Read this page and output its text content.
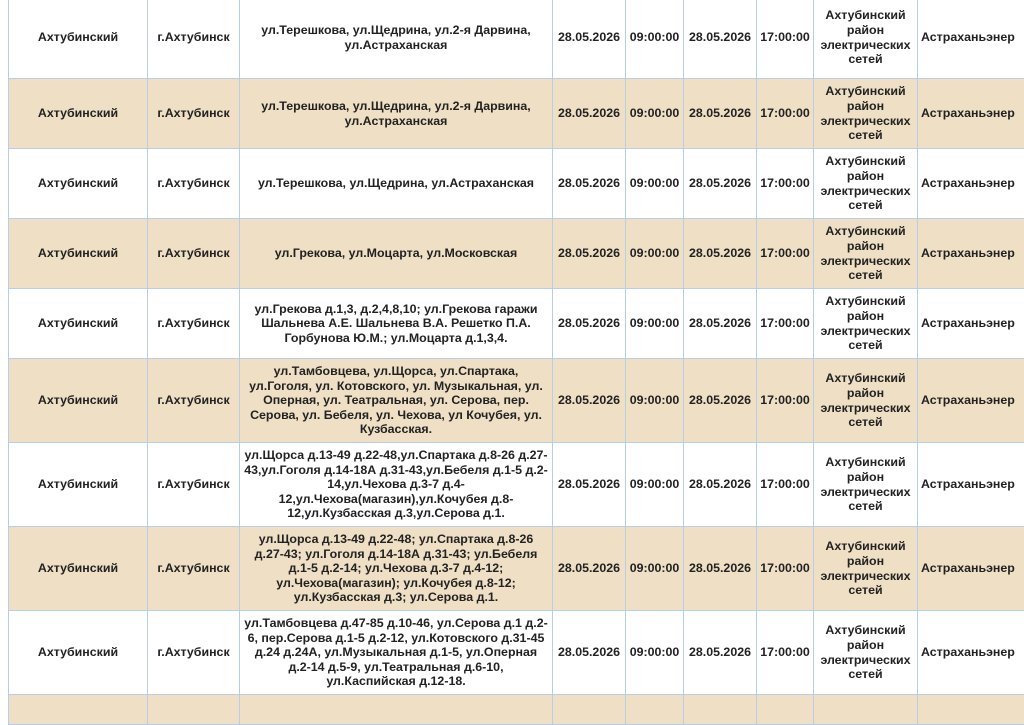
Ахтубинский	г.Ахтубинск	ул.Терешкова, ул.Щедрина, ул.2-я Дарвина, ул.Астраханская	28.05.2026	09:00:00	28.05.2026	17:00:00	Ахтубинский район электрических сетей	Астраханьэнер
Ахтубинский	г.Ахтубинск	ул.Терешкова, ул.Щедрина, ул.2-я Дарвина, ул.Астраханская	28.05.2026	09:00:00	28.05.2026	17:00:00	Ахтубинский район электрических сетей	Астраханьэнер
Ахтубинский	г.Ахтубинск	ул.Терешкова, ул.Щедрина, ул.Астраханская	28.05.2026	09:00:00	28.05.2026	17:00:00	Ахтубинский район электрических сетей	Астраханьэнер
Ахтубинский	г.Ахтубинск	ул.Грекова, ул.Моцарта, ул.Московская	28.05.2026	09:00:00	28.05.2026	17:00:00	Ахтубинский район электрических сетей	Астраханьэнер
Ахтубинский	г.Ахтубинск	ул.Грекова д.1,3, д.2,4,8,10; ул.Грекова гаражи Шальнева А.Е. Шальнева В.А. Решетко П.А. Горбунова Ю.М.; ул.Моцарта д.1,3,4.	28.05.2026	09:00:00	28.05.2026	17:00:00	Ахтубинский район электрических сетей	Астраханьэнер
Ахтубинский	г.Ахтубинск	ул.Тамбовцева, ул.Щорса, ул.Спартака, ул.Гоголя, ул. Котовского, ул. Музыкальная, ул. Оперная, ул. Театральная, ул. Серова, пер. Серова, ул. Бебеля, ул. Чехова, ул Кочубея, ул. Кузбасская.	28.05.2026	09:00:00	28.05.2026	17:00:00	Ахтубинский район электрических сетей	Астраханьэнер
Ахтубинский	г.Ахтубинск	ул.Щорса д.13-49 д.22-48,ул.Спартака д.8-26 д.27-43,ул.Гоголя д.14-18А д.31-43,ул.Бебеля д.1-5 д.2-14,ул.Чехова д.3-7 д.4-12,ул.Чехова(магазин),ул.Кочубея д.8-12,ул.Кузбасская д.3,ул.Серова д.1.	28.05.2026	09:00:00	28.05.2026	17:00:00	Ахтубинский район электрических сетей	Астраханьэнер
Ахтубинский	г.Ахтубинск	ул.Щорса д.13-49 д.22-48; ул.Спартака д.8-26 д.27-43; ул.Гоголя д.14-18А д.31-43; ул.Бебеля д.1-5 д.2-14; ул.Чехова д.3-7 д.4-12; ул.Чехова(магазин); ул.Кочубея д.8-12; ул.Кузбасская д.3; ул.Серова д.1.	28.05.2026	09:00:00	28.05.2026	17:00:00	Ахтубинский район электрических сетей	Астраханьэнер
Ахтубинский	г.Ахтубинск	ул.Тамбовцева д.47-85 д.10-46, ул.Серова д.1 д.2-6, пер.Серова д.1-5 д.2-12, ул.Котовского д.31-45 д.24 д.24А, ул.Музыкальная д.1-5, ул.Оперная д.2-14 д.5-9, ул.Театральная д.6-10, ул.Каспийская д.12-18.	28.05.2026	09:00:00	28.05.2026	17:00:00	Ахтубинский район электрических сетей	Астраханьэнер
